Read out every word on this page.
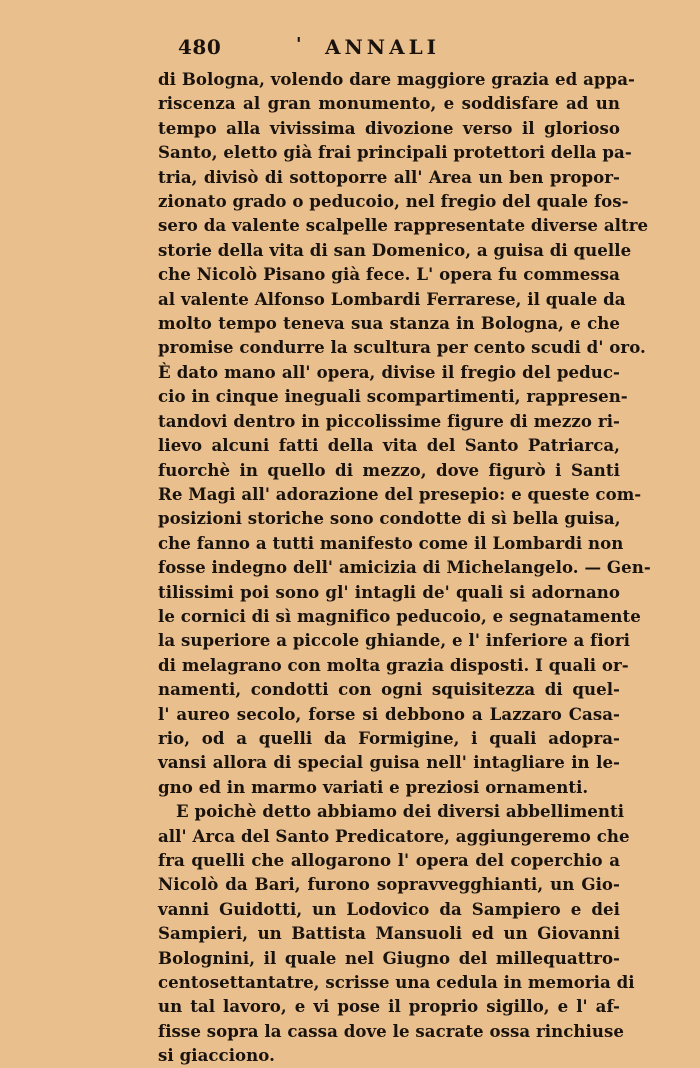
480	' ANNALI
di Bologna, volendo dare maggiore grazia ed appa-
riscenza al gran monumento, e soddisfare ad un
tempo alla vivissima divozione verso il glorioso
Santo, eletto già frai principali protettori della pa-
tria, divisò di sottoporre all' Area un ben propor-
zionato grado o peducoio, nel fregio del quale fos-
sero da valente scalpelle rappresentate diverse altre
storie della vita di san Domenico, a guisa di quelle
che Nicolò Pisano già fece. L' opera fu commessa
al valente Alfonso Lombardi Ferrarese, il quale da
molto tempo teneva sua stanza in Bologna, e che
promise condurre la scultura per cento scudi d' oro.
È dato mano all' opera, divise il fregio del peduc-
cio in cinque ineguali scompartimenti, rappresen-
tandovi dentro in piccolissime figure di mezzo ri-
lievo alcuni fatti della vita del Santo Patriarca,
fuorchè in quello di mezzo, dove figurò i Santi
Re Magi all' adorazione del presepio: e queste com-
posizioni storiche sono condotte di sì bella guisa,
che fanno a tutti manifesto come il Lombardi non
fosse indegno dell' amicizia di Michelangelo. — Gen-
tilissimi poi sono gl' intagli de' quali si adornano
le cornici di sì magnifico peducoio, e segnatamente
la superiore a piccole ghiande, e l' inferiore a fiori
di melagrano con molta grazia disposti. I quali or-
namenti, condotti con ogni squisitezza di quel-
l' aureo secolo, forse si debbono a Lazzaro Casa-
rio, od a quelli da Formigine, i quali adopra-
vansi allora di special guisa nell' intagliare in le-
gno ed in marmo variati e preziosi ornamenti.
E poichè detto abbiamo dei diversi abbellimenti
all' Arca del Santo Predicatore, aggiungeremo che
fra quelli che allogarono l' opera del coperchio a
Nicolò da Bari, furono sopravvegghianti, un Gio-
vanni Guidotti, un Lodovico da Sampiero e dei
Sampieri, un Battista Mansuoli ed un Giovanni
Bolognini, il quale nel Giugno del millequattro-
centosettantatre, scrisse una cedula in memoria di
un tal lavoro, e vi pose il proprio sigillo, e l' af-
fisse sopra la cassa dove le sacrate ossa rinchiuse
si giacciono.
